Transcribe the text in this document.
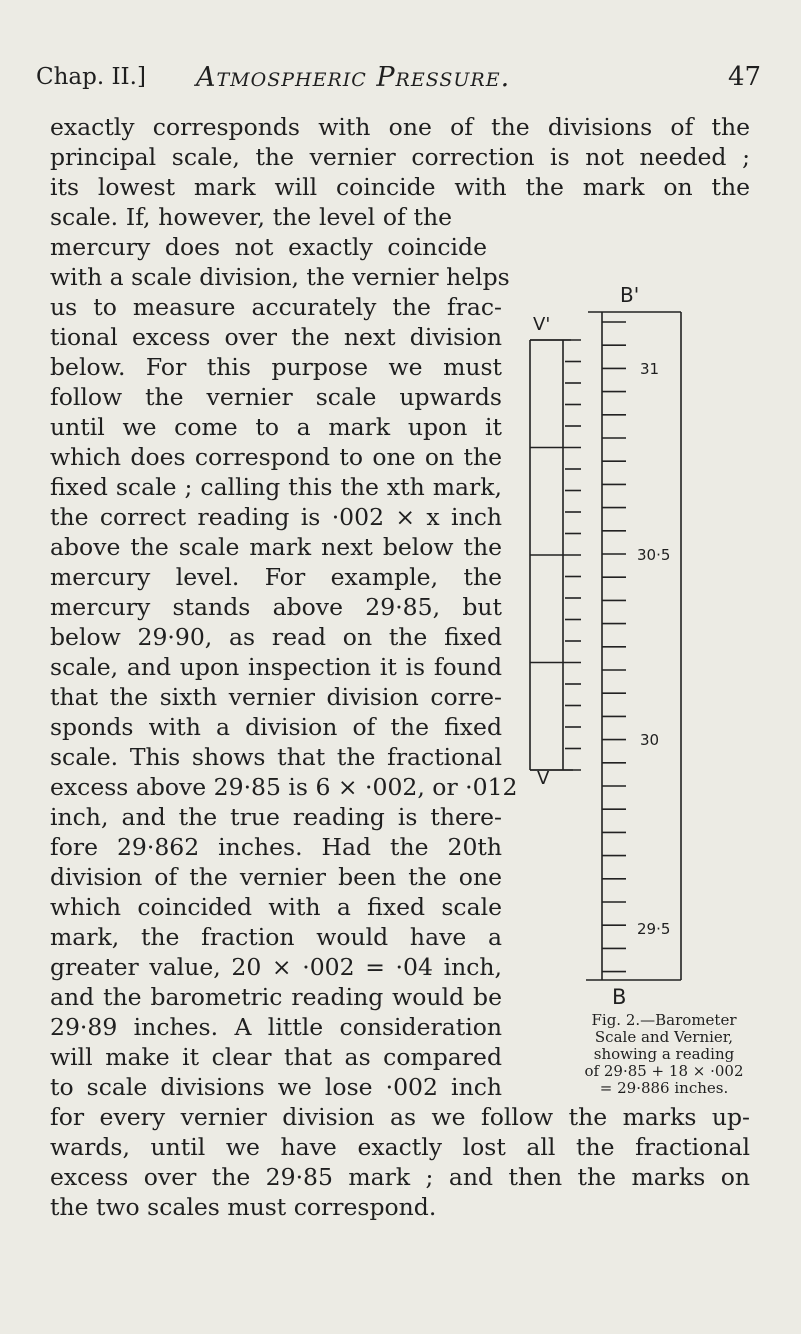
Chap. II.] Atmospheric Pressure.	47
exactly corresponds with one of the divisions of the
principal scale, the vernier correction is not needed ;
its lowest mark will coincide with the mark on the
scale. If, however, the level of the
mercury does not exactly coincide
with a scale division, the vernier helps
us to measure accurately the frac-
tional excess over the next division
below. For this purpose we must
follow the vernier scale upwards
until we come to a mark upon it
which does correspond to one on the
fixed scale ; calling this the xth mark,
the correct reading is ·002 × x inch
above the scale mark next below the
mercury level. For example, the
mercury stands above 29·85, but
below 29·90, as read on the fixed
scale, and upon inspection it is found
that the sixth vernier division corre-
sponds with a division of the fixed
scale. This shows that the fractional
excess above 29·85 is 6 × ·002, or ·012
inch, and the true reading is there-
fore 29·862 inches. Had the 20th
division of the vernier been the one
which coincided with a fixed scale
mark, the fraction would have a
greater value, 20 × ·002 = ·04 inch,
and the barometric reading would be
29·89 inches. A little consideration
will make it clear that as compared
to scale divisions we lose ·002 inch
for every vernier division as we follow the marks up-
wards, until we have exactly lost all the fractional
excess over the 29·85 mark ; and then the marks on
the two scales must correspond.
B'
B
V'
V
31
30·5
30
29·5
Fig. 2.—Barometer
Scale and Vernier,
showing a reading
of 29·85 + 18 × ·002
= 29·886 inches.
